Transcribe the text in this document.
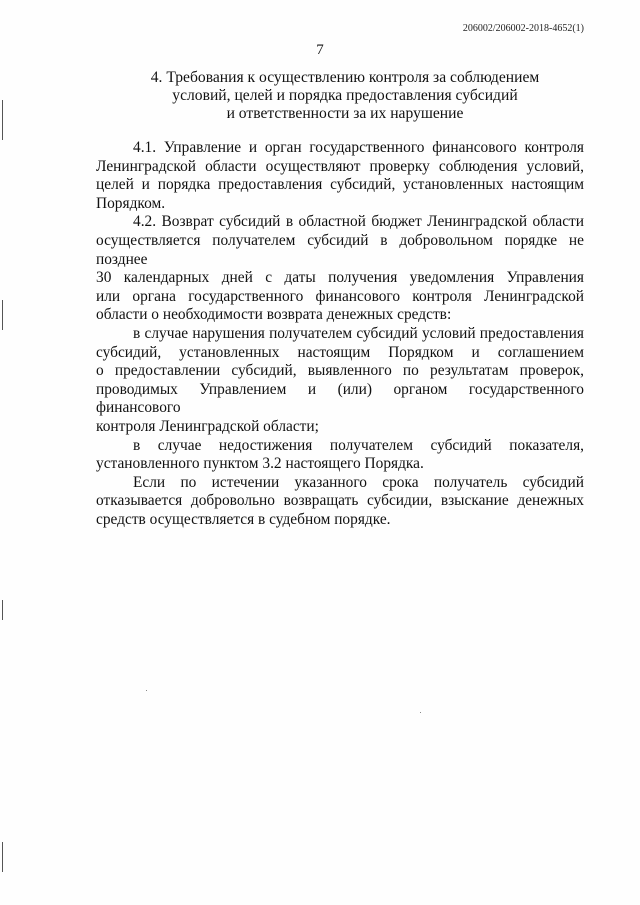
206002/206002-2018-4652(1)
7
4. Требования к осуществлению контроля за соблюдением
условий, целей и порядка предоставления субсидий
и ответственности за их нарушение

4.1. Управление и орган государственного финансового контроля
Ленинградской области осуществляют проверку соблюдения условий,
целей и порядка предоставления субсидий, установленных настоящим
Порядком.

4.2. Возврат субсидий в областной бюджет Ленинградской области
осуществляется получателем субсидий в добровольном порядке не позднее
30 календарных дней с даты получения уведомления Управления
или органа государственного финансового контроля Ленинградской
области о необходимости возврата денежных средств:

в случае нарушения получателем субсидий условий предоставления
субсидий, установленных настоящим Порядком и соглашением
о предоставлении субсидий, выявленного по результатам проверок,
проводимых Управлением и (или) органом государственного финансового
контроля Ленинградской области;

в случае недостижения получателем субсидий показателя,
установленного пунктом 3.2 настоящего Порядка.

Если по истечении указанного срока получатель субсидий
отказывается добровольно возвращать субсидии, взыскание денежных
средств осуществляется в судебном порядке.
